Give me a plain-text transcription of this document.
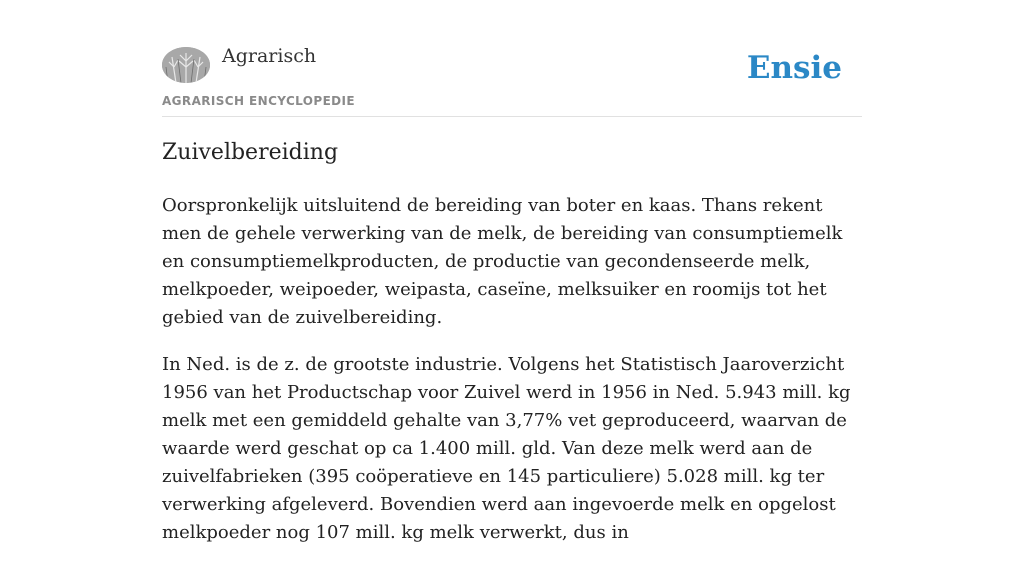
Agrarisch
AGRARISCH ENCYCLOPEDIE
Ensie
Zuivelbereiding

Oorspronkelijk uitsluitend de bereiding van boter en kaas. Thans rekent men de gehele verwerking van de melk, de bereiding van consumptiemelk en consumptiemelkproducten, de productie van gecondenseerde melk, melkpoeder, weipoeder, weipasta, caseïne, melksuiker en roomijs tot het gebied van de zuivelbereiding.

In Ned. is de z. de grootste industrie. Volgens het Statistisch Jaaroverzicht 1956 van het Productschap voor Zuivel werd in 1956 in Ned. 5.943 mill. kg melk met een gemiddeld gehalte van 3,77% vet geproduceerd, waarvan de waarde werd geschat op ca 1.400 mill. gld. Van deze melk werd aan de zuivelfabrieken (395 coöperatieve en 145 particuliere) 5.028 mill. kg ter verwerking afgeleverd. Bovendien werd aan ingevoerde melk en opgelost melkpoeder nog 107 mill. kg melk verwerkt, dus in
